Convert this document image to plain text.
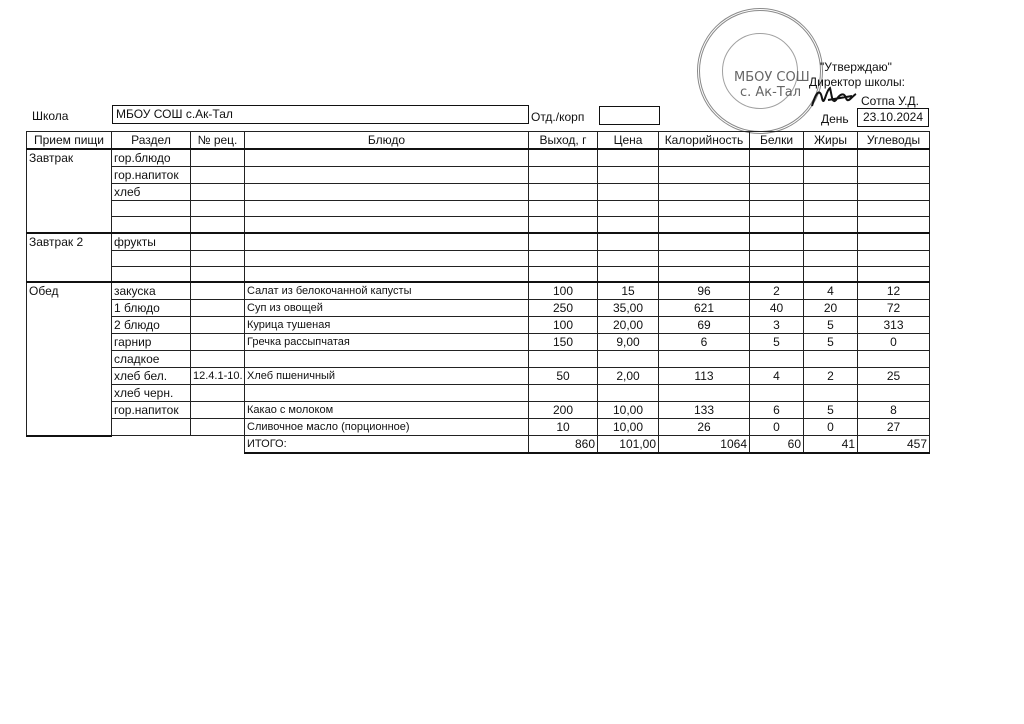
Школа	МБОУ СОШ с.Ак-Тал	Отд./корп
МБОУ СОШ
с. Ак-Тал
"Утверждаю"
Директор школы:
Сотпа У.Д.
День	23.10.2024
Прием пищи	Раздел	№ рец.	Блюдо	Выход, г	Цена	Калорийность	Белки	Жиры	Углеводы
Завтрак	гор.блюдо								
	гор.напиток								
	хлеб								

Завтрак 2	фрукты								

Обед	закуска		Салат из белокочанной капусты	100	15	96	2	4	12
	1 блюдо		Суп из овощей	250	35,00	621	40	20	72
	2 блюдо		Курица тушеная	100	20,00	69	3	5	313
	гарнир		Гречка рассыпчатая	150	9,00	6	5	5	0
	сладкое								
	хлеб бел.	12.4.1-10.	Хлеб пшеничный	50	2,00	113	4	2	25
	хлеб черн.								
	гор.напиток		Какао с молоком	200	10,00	133	6	5	8
			Сливочное масло (порционное)	10	10,00	26	0	0	27
			ИТОГО:	860	101,00	1064	60	41	457
